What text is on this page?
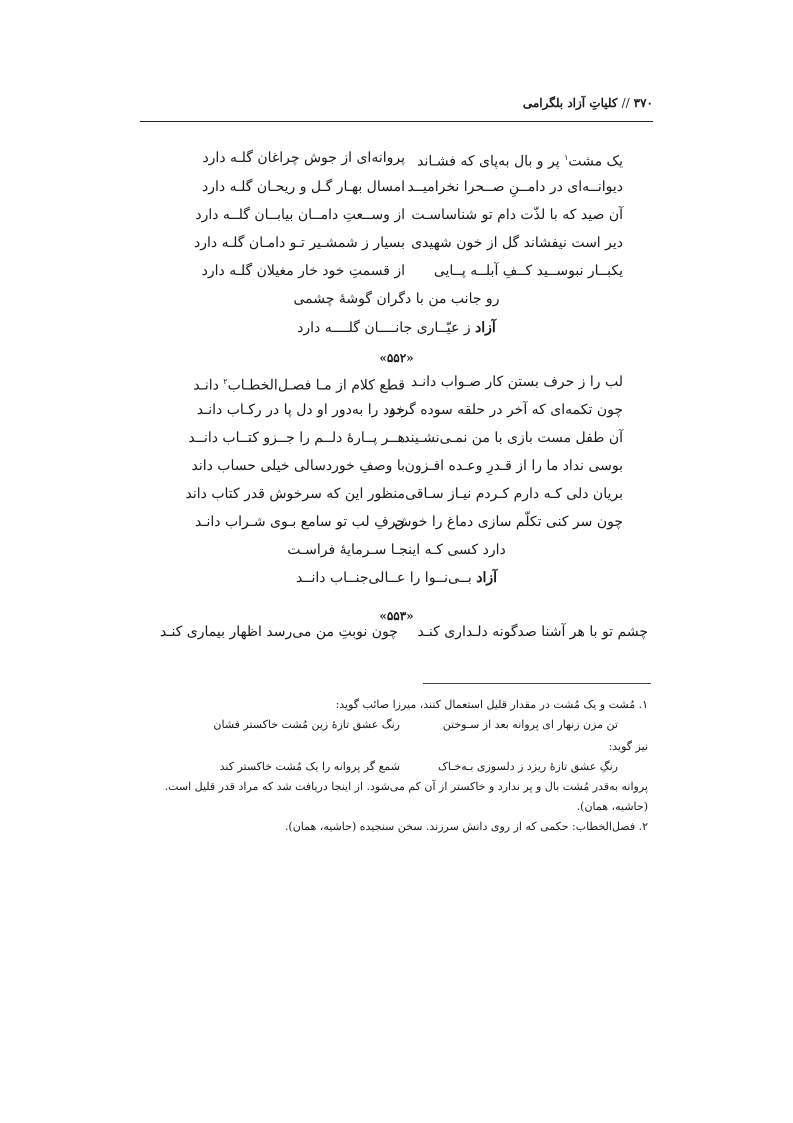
۳۷۰//کلیاتِ آزاد بلگرامی
یک مشت$^۱$ پر و بال به‌پای که فشـاند
پروانه‌ای از جوش چراغان گلـه دارد
دیوانــه‌ای در دامــنِ صــحرا نخرامیــد
امسال بهـار گـل و ریحـان گلـه دارد
آن صید که با لذّت دام تو شناساسـت
از وســعتِ دامــان بیابــان گلــه دارد
دیر است نیفشاند گل از خون شهیدی
بسیار ز شمشـیر تـو دامـان گلـه دارد
یکبــار نبوســید کــفِ آبلــه پــایی
از قسمتِ خود خار مغیلان گلـه دارد
رو جانب من با دگران گوشهٔ چشمی
آزاد ز عیّــاری جانــــان گلــــه دارد
«۵۵۲»
لب را ز حرف بستن کار صـواب دانـد
قطع کلام از مـا فصـل‌الخطـاب$^۲$ دانـد
چون تکمه‌ای که آخر در حلقه سوده گردد
خود را به‌دور او دل پا در رکـاب دانـد
آن طفل مست بازی با من نمـی‌نشـیند
هــر پــارهٔ دلــم را جــزو کتــاب دانــد
بوسی نداد ما را از قـدرِ وعـده افـزون
با وصفِ خوردسالی خیلی حساب داند
بریان دلی کـه دارم کـردم نیـاز سـاقی
منظور این که سرخوش قدر کتاب داند
چون سر کنی تکلّم سازی دماغ را خوش
حرفِ لب تو سامع بـوی شـراب دانـد
دارد کسی کـه اینجـا سـرمایهٔ فراسـت
آزاد بــی‌نــوا را عــالی‌جنــاب دانــد
«۵۵۳»
چشم تو با هر آشنا صدگونه دلـداری کنـد
چون نوبتِ من می‌رسد اظهار بیماری کنـد
۱. مُشت و یک مُشت در مقدار قلیل استعمال کنند، میرزا صائب گوید:
تن مزن زنهار ای پروانه بعد از سـوختن
رنگ عشق تازهٔ زین مُشت خاکستر فشان
نیز گوید:
رنگِ عشق تازهٔ ریزد ز دلسوزی بـه‌خـاک
شمع گر پروانه را یک مُشت خاکستر کند
پروانه به‌قدر مُشت بال و پر ندارد و خاکستر از آن کم می‌شود. از اینجا دریافت شد که مراد قدر قلیل است.
(حاشیه، همان).
۲. فصل‌الخطاب: حکمی که از روی دانش سرزند. سخن سنجیده (حاشیه، همان).
